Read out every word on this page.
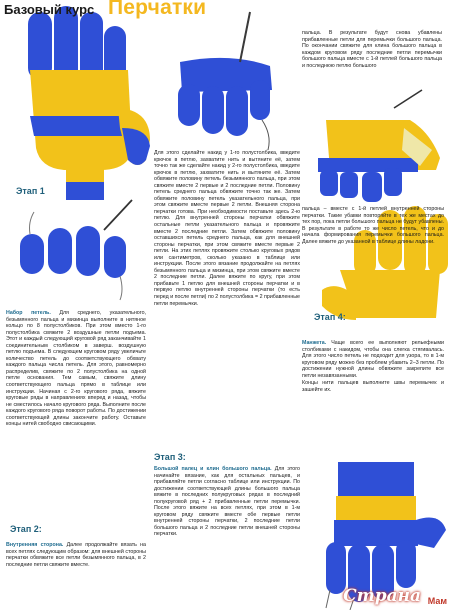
Базовый курс Перчатки
Этап 1
Этап 2:
Этап 3:
Этап 4:

Набор петель. Для среднего, указательного, безымянного пальца и мизинца выполните в нитяное кольцо по 8 полустолбиков. При этом вместо 1-го полустолбика свяжите 2 воздушные петли подъема. Этот и каждый следующий круговой ряд заканчивайте 1 соединительным столбиком в заверш. воздушную петлю подъема. В следующем круговом ряду увеличьте количество петель до соответствующего обхвату каждого пальца числа петель. Для этого, равномерно распределив, свяжите по 2 полустолбика на одной петле основания. Тем самым, свяжите длину соответствующего пальца прямо в таблице или инструкции. Начиная с 2-го кругового ряда, вяжите круговые ряды в направлениях вперед и назад, чтобы не сместилось начало кругового ряда. Выполните после каждого кругового ряда поворот работы. По достижении соответствующей длины закончите работу. Оставьте концы нитей свободно свисающими.

Внутренняя сторона. Далее продолжайте вязать на всех петлях следующим образом: для внешней стороны перчатки обвяжите все петли безымянного пальца, в 2 последние петли свяжите вместе.

Для этого сделайте накид у 1-го полустолбика, введите крючок в петлю, захватите нить и вытяните её, затем точно так же сделайте накид у 2-го полустолбика, введите крючок в петлю, захватите нить и вытяните её. Затем обвяжите половину петель безымянного пальца, при этом свяжите вместе 2 первые и 2 последние петли. Половину петель среднего пальца обвяжите точно так же. Затем обвяжите половину петель указательного пальца, при этом свяжите вместе первые 2 петли. Внешняя сторона перчатки готова. При необходимости поставьте здесь 2-ю петлю. Для внутренней стороны перчатки обвяжите остальные петли указательного пальца и провяжите вместе 2 последние петли. Затем обвяжите половину оставшихся петель среднего пальца, как для внешней стороны перчатки, при этом свяжите вместе первые 2 петли. На этих петлях провяжите столько круговых рядов или сантиметров, сколько указано в таблице или инструкции. После этого вязание продолжайте на петлях безымянного пальца и мизинца, при этом свяжите вместе 2 последние петли. Далее вяжите по кругу, при этом прибавьте 1 петлю для внешней стороны перчатки и в первую петлю внутренней стороны перчатки (то есть перед и после петли) по 2 полустолбика = 2 прибавленные петли перемычки.

Большой палец и клин большого пальца. Для этого начинайте вязание, как для остальных пальцев, и прибавляйте петли согласно таблице или инструкции. По достижении соответствующей длины большого пальца вяжите в последних полукруговых рядах в последний полукруговой ряд + 2 прибавленные петли перемычки. После этого вяжите на всех петлях, при этом в 1-м круговом ряду свяжите вместе обе первые петли внутренней стороны перчатки, 2 последние петли большого пальца и 2 последние петли внешней стороны перчатки.

пальца. В результате будут снова убавлены прибавленные петли для перемычки большого пальца. По окончании свяжите для клина большого пальца в каждом круговом ряду последние петли перемычки большого пальца вместе с 1-й петлей большого пальца и последнюю петлю большого

пальца – вместе с 1-й петлей внутренней стороны перчатки. Такие убавки повторяйте в тех же местах до тех пор, пока петли большого пальца не будут убавлены. В результате в работе то же число петель, что и до начала формирования перемычки большого пальца. Далее вяжите до указанной в таблице длины ладони.

Манжета. Чаще всего ее выполняют рельефными столбиками с накидом, чтобы она слегка стягивалась. Для этого число петель не подходит для узора, то в 1-м круговом ряду можно без проблем убавить 2–3 петли. По достижении нужной длины обвяжите закрепите все петли незавязанными.

Концы нити пальцев выполните швы перемычек и зашейте их.

Страна Мам
